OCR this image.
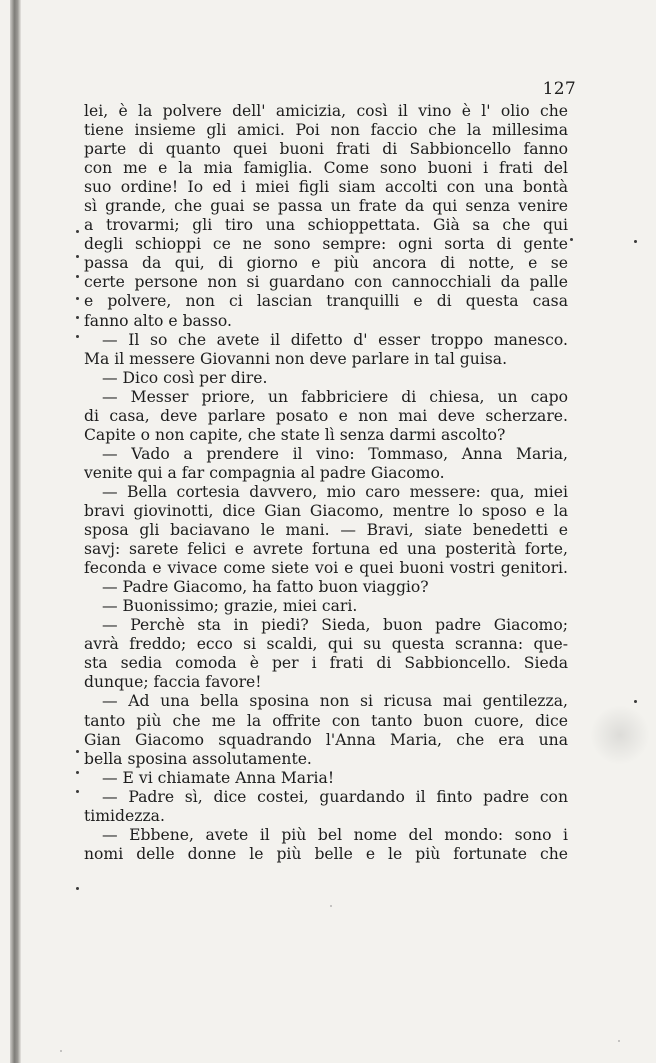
127
lei, è la polvere dell' amicizia, così il vino è l' olio che
tiene insieme gli amici. Poi non faccio che la millesima
parte di quanto quei buoni frati di Sabbioncello fanno
con me e la mia famiglia. Come sono buoni i frati del
suo ordine! Io ed i miei figli siam accolti con una bontà
sì grande, che guai se passa un frate da qui senza venire
a trovarmi; gli tiro una schioppettata. Già sa che qui
degli schioppi ce ne sono sempre: ogni sorta di gente
passa da qui, di giorno e più ancora di notte, e se
certe persone non si guardano con cannocchiali da palle
e polvere, non ci lascian tranquilli e di questa casa
fanno alto e basso.
— Il so che avete il difetto d' esser troppo manesco.
Ma il messere Giovanni non deve parlare in tal guisa.
— Dico così per dire.
— Messer priore, un fabbriciere di chiesa, un capo
di casa, deve parlare posato e non mai deve scherzare.
Capite o non capite, che state lì senza darmi ascolto?
— Vado a prendere il vino: Tommaso, Anna Maria,
venite qui a far compagnia al padre Giacomo.
— Bella cortesia davvero, mio caro messere: qua, miei
bravi giovinotti, dice Gian Giacomo, mentre lo sposo e la
sposa gli baciavano le mani. — Bravi, siate benedetti e
savj: sarete felici e avrete fortuna ed una posterità forte,
feconda e vivace come siete voi e quei buoni vostri genitori.
— Padre Giacomo, ha fatto buon viaggio?
— Buonissimo; grazie, miei cari.
— Perchè sta in piedi? Sieda, buon padre Giacomo;
avrà freddo; ecco si scaldi, qui su questa scranna: que-
sta sedia comoda è per i frati di Sabbioncello. Sieda
dunque; faccia favore!
— Ad una bella sposina non si ricusa mai gentilezza,
tanto più che me la offrite con tanto buon cuore, dice
Gian Giacomo squadrando l'Anna Maria, che era una
bella sposina assolutamente.
— E vi chiamate Anna Maria!
— Padre sì, dice costei, guardando il finto padre con
timidezza.
— Ebbene, avete il più bel nome del mondo: sono i
nomi delle donne le più belle e le più fortunate che
